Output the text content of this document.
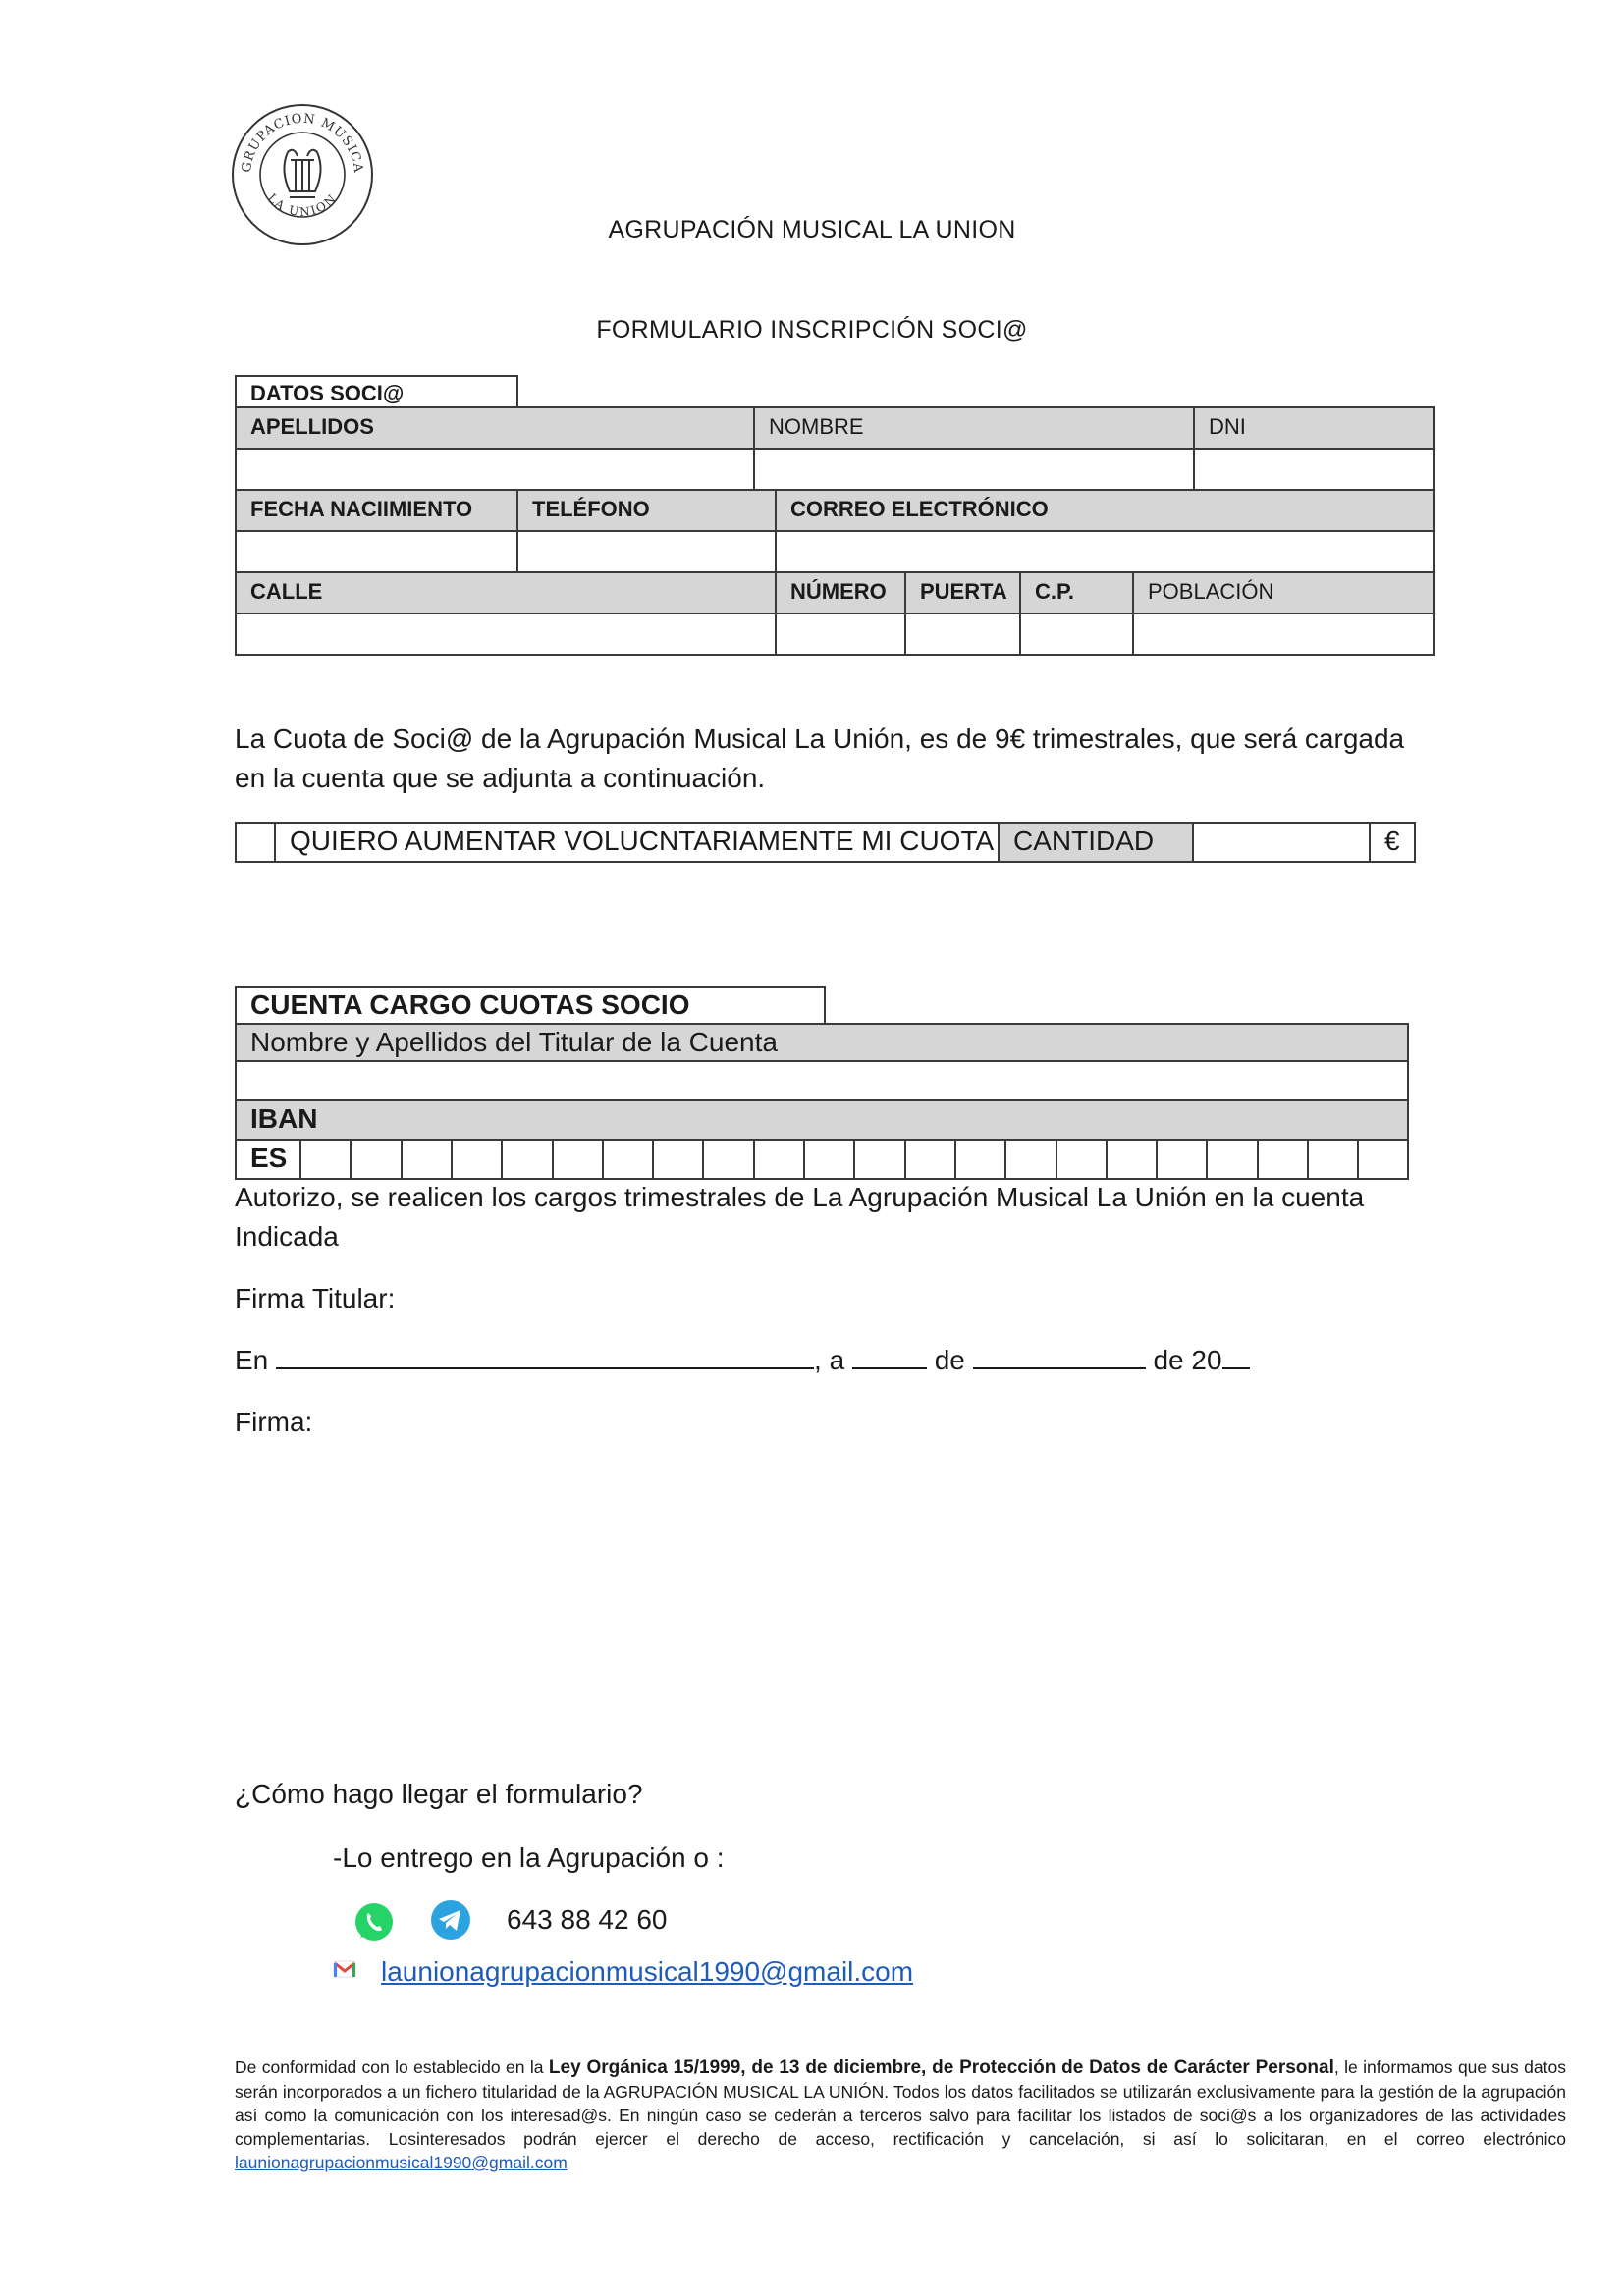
GRUPACION MUSICA
LA UNION
AGRUPACIÓN MUSICAL LA UNION
FORMULARIO INSCRIPCIÓN SOCI@
DATOS SOCI@
APELLIDOS	NOMBRE	DNI
FECHA NACIIMIENTO	TELÉFONO	CORREO ELECTRÓNICO
CALLE	NÚMERO	PUERTA	C.P.	POBLACIÓN
La Cuota de Soci@ de la Agrupación Musical La Unión, es de 9€ trimestrales, que será cargada
en la cuenta que se adjunta a continuación.
QUIERO AUMENTAR VOLUCNTARIAMENTE MI CUOTA CANTIDAD	€
CUENTA CARGO CUOTAS SOCIO
Nombre y Apellidos del Titular de la Cuenta
IBAN
ES
Autorizo, se realicen los cargos trimestrales de La Agrupación Musical La Unión en la cuenta
Indicada
Firma Titular:
En	, a	de	de 20
Firma:
¿Cómo hago llegar el formulario?
-Lo entrego en la Agrupación o :
643 88 42 60
launionagrupacionmusical1990@gmail.com
De conformidad con lo establecido en la Ley Orgánica 15/1999, de 13 de diciembre, de Protección de Datos de Carácter Personal, le informamos que sus datos serán incorporados a un fichero titularidad de la AGRUPACIÓN MUSICAL LA UNIÓN. Todos los datos facilitados se utilizarán exclusivamente para la gestión de la agrupación así como la comunicación con los interesad@s. En ningún caso se cederán a terceros salvo para facilitar los listados de soci@s a los organizadores de las actividades complementarias. Losinteresados podrán ejercer el derecho de acceso, rectificación y cancelación, si así lo solicitaran, en el correo electrónico launionagrupacionmusical1990@gmail.com
